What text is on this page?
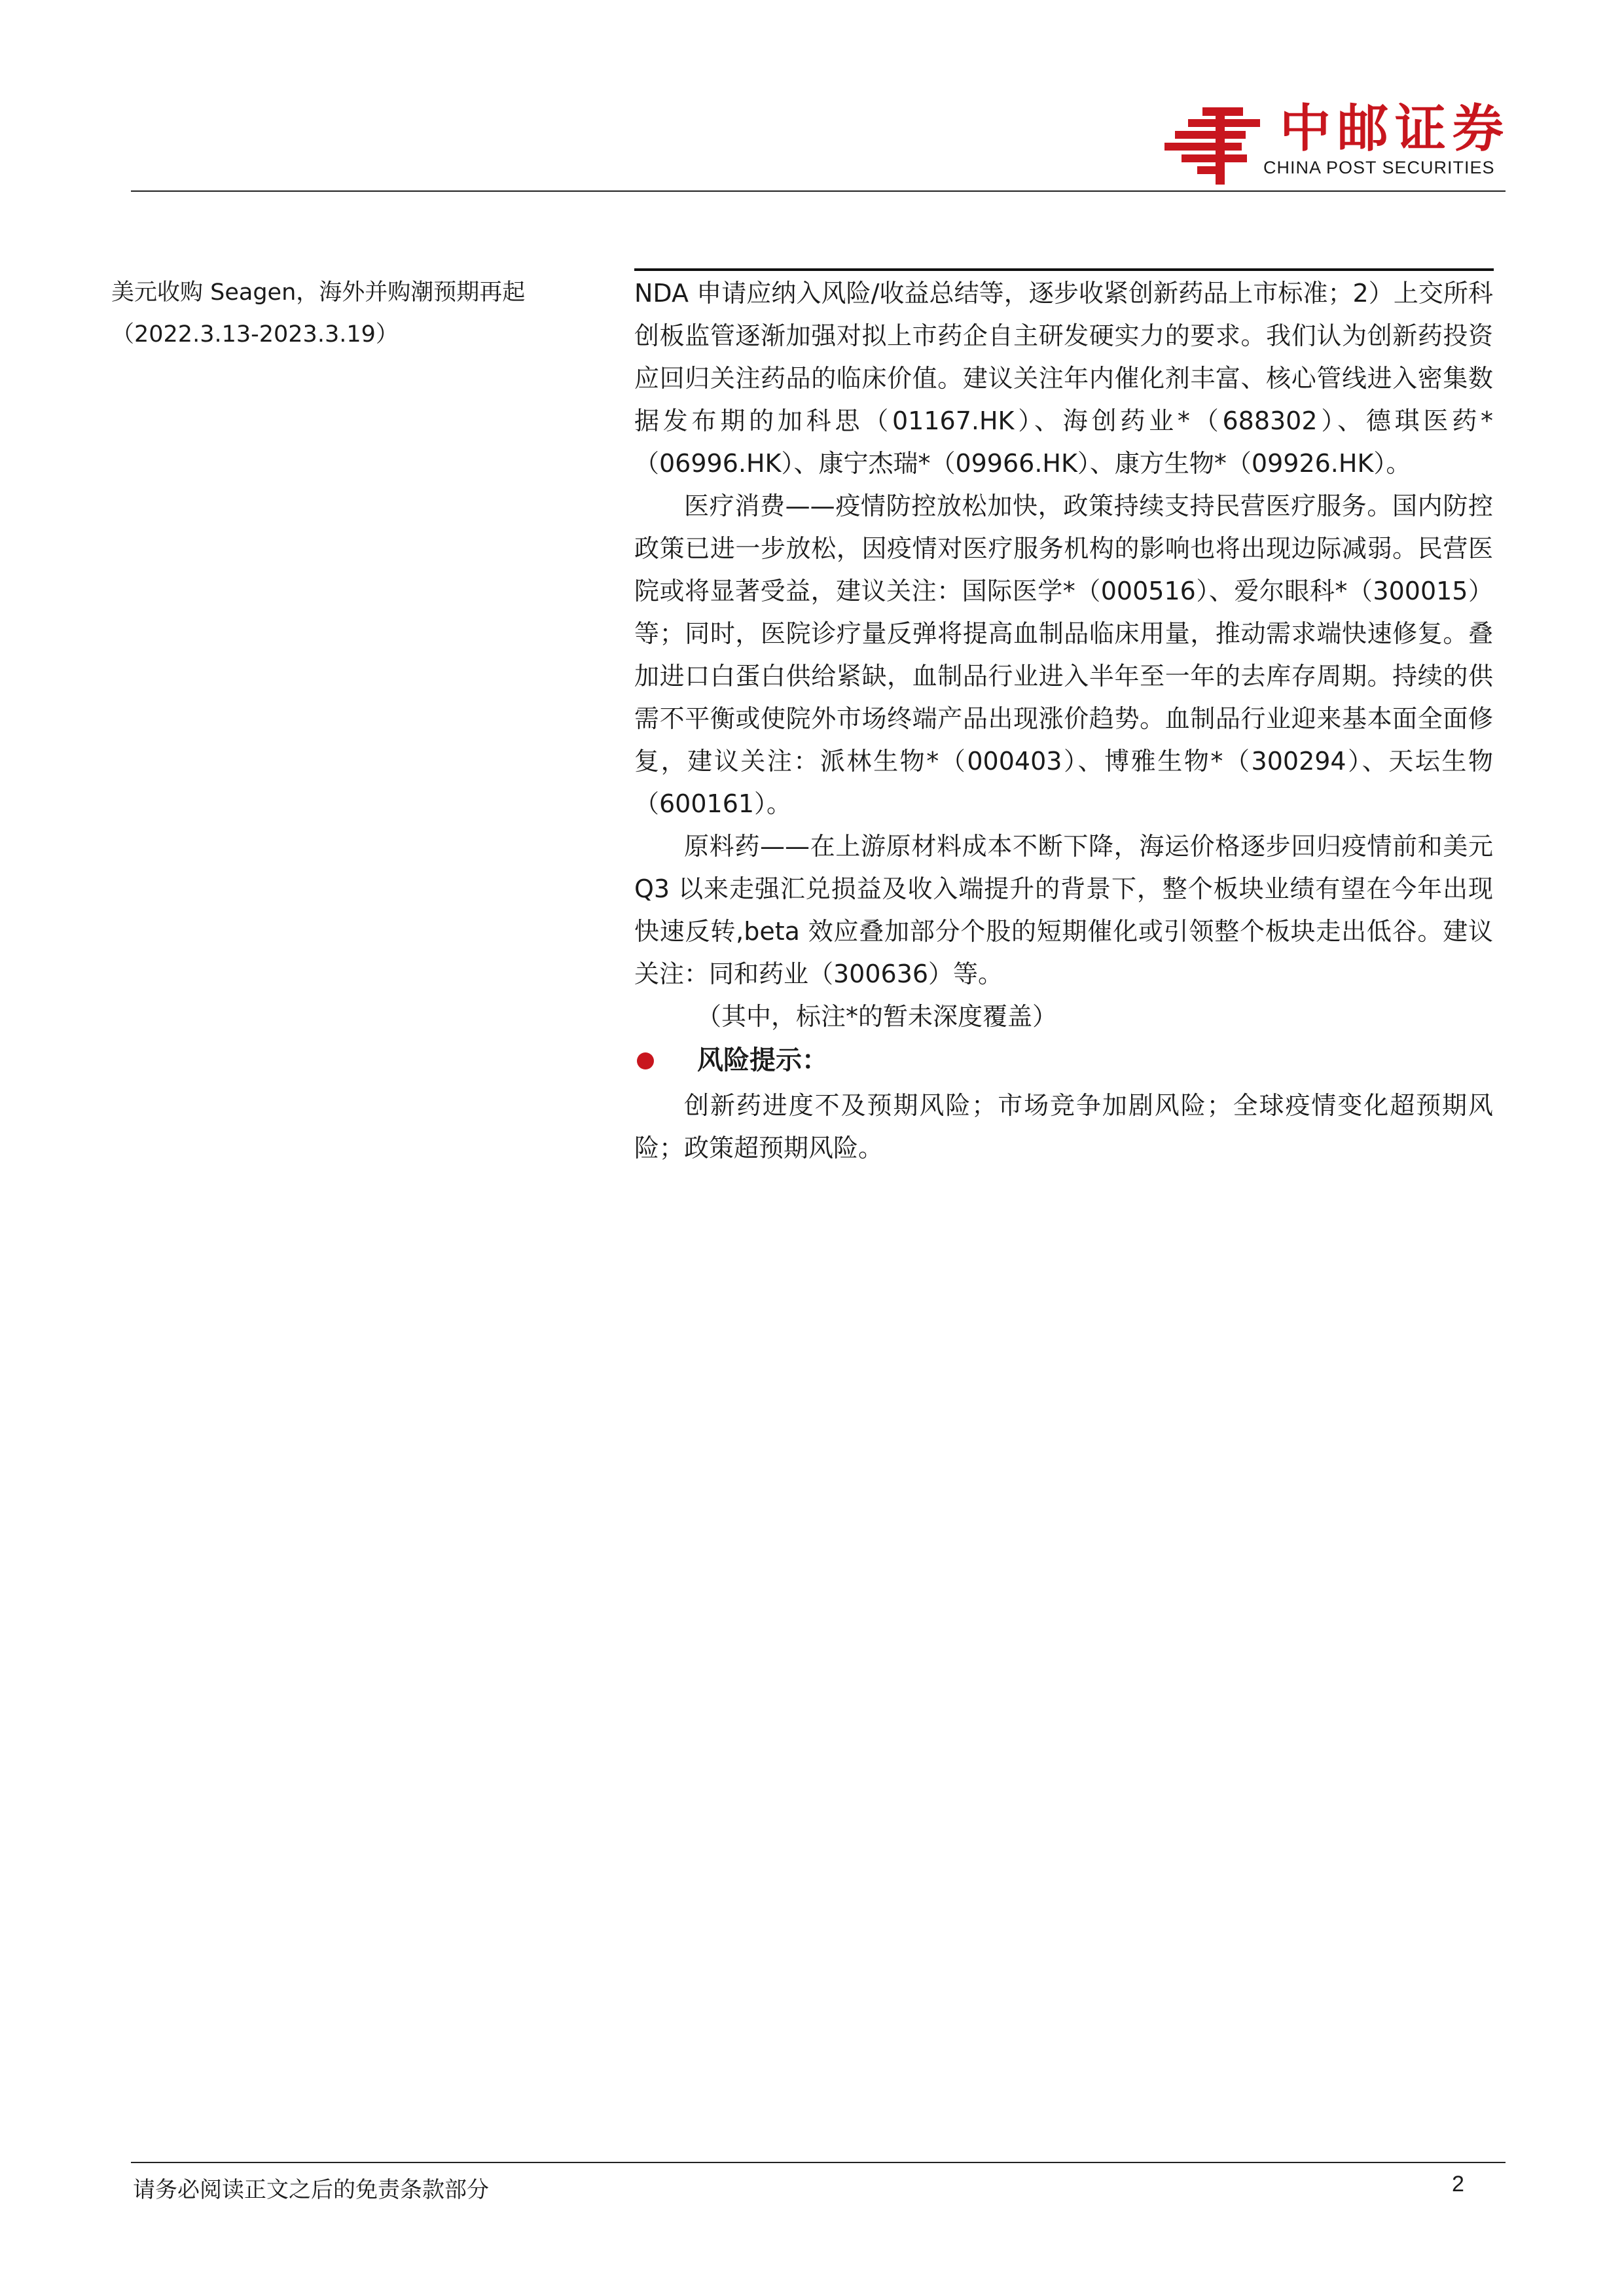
中邮证券
CHINA POST SECURITIES
美元收购 Seagen，海外并购潮预期再起（2022.3.13-2023.3.19）

NDA 申请应纳入风险/收益总结等，逐步收紧创新药品上市标准；2）上交所科创板监管逐渐加强对拟上市药企自主研发硬实力的要求。我们认为创新药投资应回归关注药品的临床价值。建议关注年内催化剂丰富、核心管线进入密集数据发布期的加科思（01167.HK）、海创药业*（688302）、德琪医药*（06996.HK）、康宁杰瑞*（09966.HK）、康方生物*（09926.HK）。

医疗消费——疫情防控放松加快，政策持续支持民营医疗服务。国内防控政策已进一步放松，因疫情对医疗服务机构的影响也将出现边际减弱。民营医院或将显著受益，建议关注：国际医学*（000516）、爱尔眼科*（300015）等；同时，医院诊疗量反弹将提高血制品临床用量，推动需求端快速修复。叠加进口白蛋白供给紧缺，血制品行业进入半年至一年的去库存周期。持续的供需不平衡或使院外市场终端产品出现涨价趋势。血制品行业迎来基本面全面修复，建议关注：派林生物*（000403）、博雅生物*（300294）、天坛生物（600161）。

原料药——在上游原材料成本不断下降，海运价格逐步回归疫情前和美元 Q3 以来走强汇兑损益及收入端提升的背景下，整个板块业绩有望在今年出现快速反转,beta 效应叠加部分个股的短期催化或引领整个板块走出低谷。建议关注：同和药业（300636）等。

（其中，标注*的暂未深度覆盖）

风险提示：

创新药进度不及预期风险；市场竞争加剧风险；全球疫情变化超预期风险；政策超预期风险。

请务必阅读正文之后的免责条款部分	2
